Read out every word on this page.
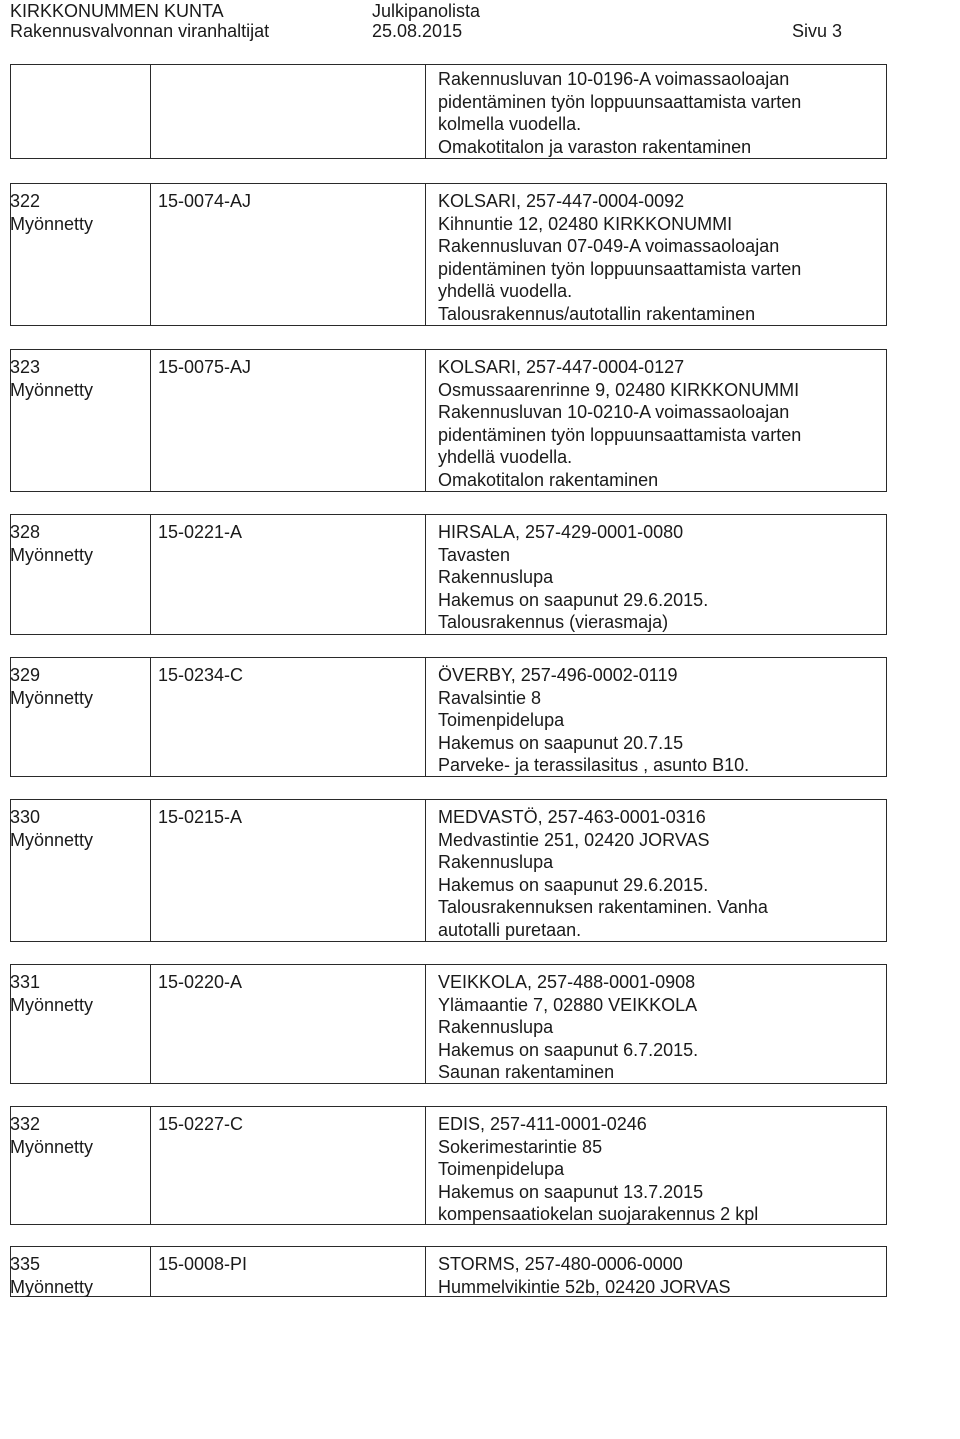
KIRKKONUMMEN KUNTA
Rakennusvalvonnan viranhaltijat
Julkipanolista
25.08.2015	Sivu 3
Rakennusluvan 10-0196-A voimassaoloajan
pidentäminen työn loppuunsaattamista varten
kolmella vuodella.
Omakotitalon ja varaston rakentaminen
322
Myönnetty
15-0074-AJ	KOLSARI, 257-447-0004-0092
Kihnuntie 12, 02480 KIRKKONUMMI
Rakennusluvan 07-049-A voimassaoloajan
pidentäminen työn loppuunsaattamista varten
yhdellä vuodella.
Talousrakennus/autotallin rakentaminen
323
Myönnetty
15-0075-AJ	KOLSARI, 257-447-0004-0127
Osmussaarenrinne 9, 02480 KIRKKONUMMI
Rakennusluvan 10-0210-A voimassaoloajan
pidentäminen työn loppuunsaattamista varten
yhdellä vuodella.
Omakotitalon rakentaminen
328
Myönnetty
15-0221-A	HIRSALA, 257-429-0001-0080
Tavasten
Rakennuslupa
Hakemus on saapunut 29.6.2015.
Talousrakennus (vierasmaja)
329
Myönnetty
15-0234-C	ÖVERBY, 257-496-0002-0119
Ravalsintie 8
Toimenpidelupa
Hakemus on saapunut 20.7.15
Parveke- ja terassilasitus , asunto B10.
330
Myönnetty
15-0215-A	MEDVASTÖ, 257-463-0001-0316
Medvastintie 251, 02420 JORVAS
Rakennuslupa
Hakemus on saapunut 29.6.2015.
Talousrakennuksen rakentaminen. Vanha
autotalli puretaan.
331
Myönnetty
15-0220-A	VEIKKOLA, 257-488-0001-0908
Ylämaantie 7, 02880 VEIKKOLA
Rakennuslupa
Hakemus on saapunut 6.7.2015.
Saunan rakentaminen
332
Myönnetty
15-0227-C	EDIS, 257-411-0001-0246
Sokerimestarintie 85
Toimenpidelupa
Hakemus on saapunut 13.7.2015
kompensaatiokelan suojarakennus 2 kpl
335
Myönnetty
15-0008-PI	STORMS, 257-480-0006-0000
Hummelvikintie 52b, 02420 JORVAS
